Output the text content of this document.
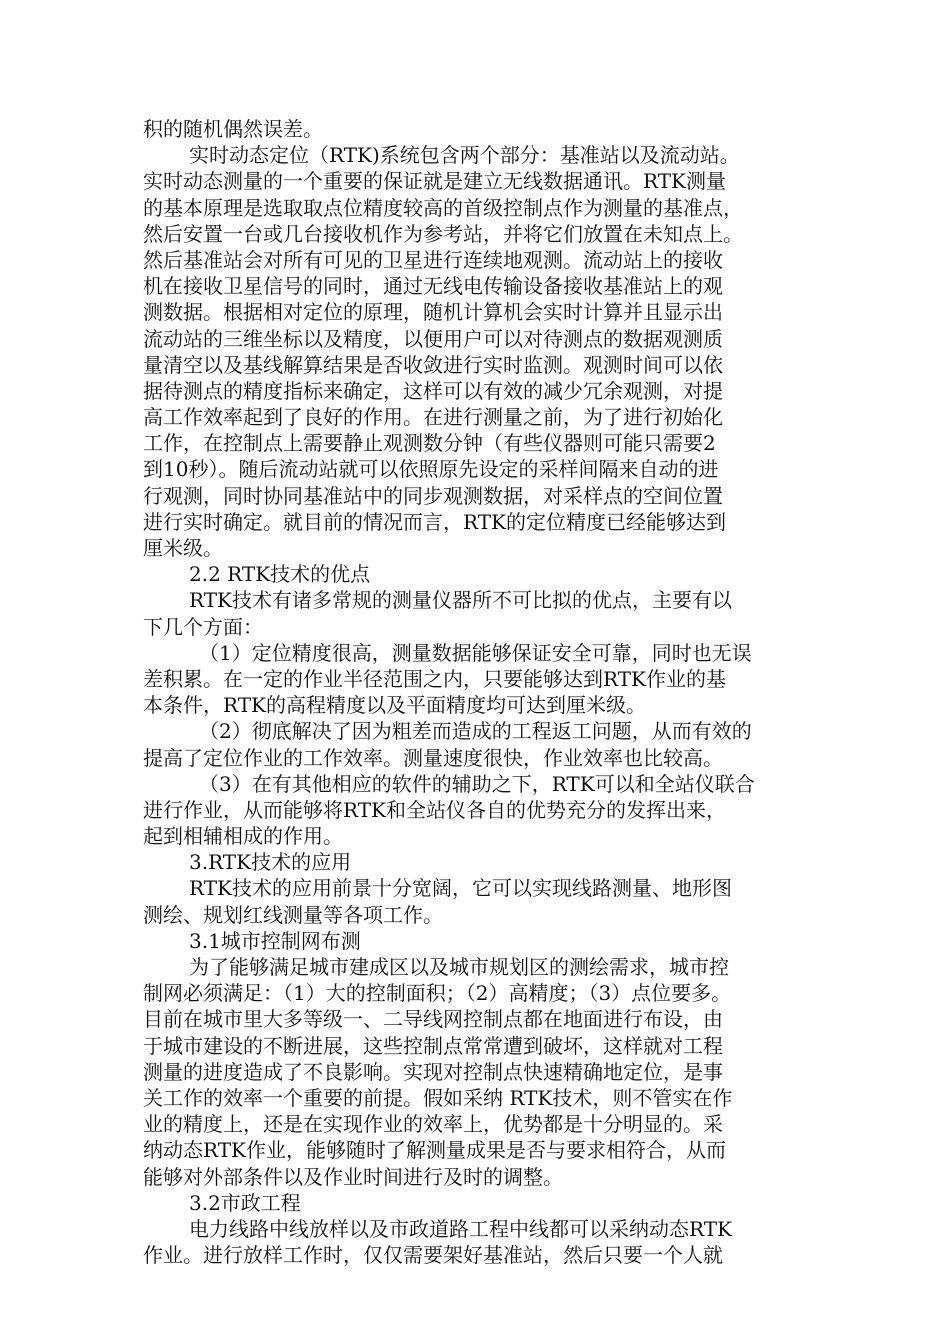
积的随机偶然误差。
实时动态定位（RTK)系统包含两个部分：基准站以及流动站。
实时动态测量的一个重要的保证就是建立无线数据通讯。RTK测量
的基本原理是选取取点位精度较高的首级控制点作为测量的基准点，
然后安置一台或几台接收机作为参考站，并将它们放置在未知点上。
然后基准站会对所有可见的卫星进行连续地观测。流动站上的接收
机在接收卫星信号的同时，通过无线电传输设备接收基准站上的观
测数据。根据相对定位的原理，随机计算机会实时计算并且显示出
流动站的三维坐标以及精度，以便用户可以对待测点的数据观测质
量清空以及基线解算结果是否收敛进行实时监测。观测时间可以依
据待测点的精度指标来确定，这样可以有效的减少冗余观测，对提
高工作效率起到了良好的作用。在进行测量之前，为了进行初始化
工作，在控制点上需要静止观测数分钟（有些仪器则可能只需要2
到10秒）。随后流动站就可以依照原先设定的采样间隔来自动的进
行观测，同时协同基准站中的同步观测数据，对采样点的空间位置
进行实时确定。就目前的情况而言，RTK的定位精度已经能够达到
厘米级。
2.2 RTK技术的优点
RTK技术有诸多常规的测量仪器所不可比拟的优点，主要有以
下几个方面：
（1）定位精度很高，测量数据能够保证安全可靠，同时也无误
差积累。在一定的作业半径范围之内，只要能够达到RTK作业的基
本条件，RTK的高程精度以及平面精度均可达到厘米级。
（2）彻底解决了因为粗差而造成的工程返工问题，从而有效的
提高了定位作业的工作效率。测量速度很快，作业效率也比较高。
（3）在有其他相应的软件的辅助之下，RTK可以和全站仪联合
进行作业，从而能够将RTK和全站仪各自的优势充分的发挥出来，
起到相辅相成的作用。
3.RTK技术的应用
RTK技术的应用前景十分宽阔，它可以实现线路测量、地形图
测绘、规划红线测量等各项工作。
3.1城市控制网布测
为了能够满足城市建成区以及城市规划区的测绘需求，城市控
制网必须满足：（1）大的控制面积；（2）高精度；（3）点位要多。
目前在城市里大多等级一、二导线网控制点都在地面进行布设，由
于城市建设的不断进展，这些控制点常常遭到破坏，这样就对工程
测量的进度造成了不良影响。实现对控制点快速精确地定位，是事
关工作的效率一个重要的前提。假如采纳 RTK技术，则不管实在作
业的精度上，还是在实现作业的效率上，优势都是十分明显的。采
纳动态RTK作业，能够随时了解测量成果是否与要求相符合，从而
能够对外部条件以及作业时间进行及时的调整。
3.2市政工程
电力线路中线放样以及市政道路工程中线都可以采纳动态RTK
作业。进行放样工作时，仅仅需要架好基准站，然后只要一个人就
